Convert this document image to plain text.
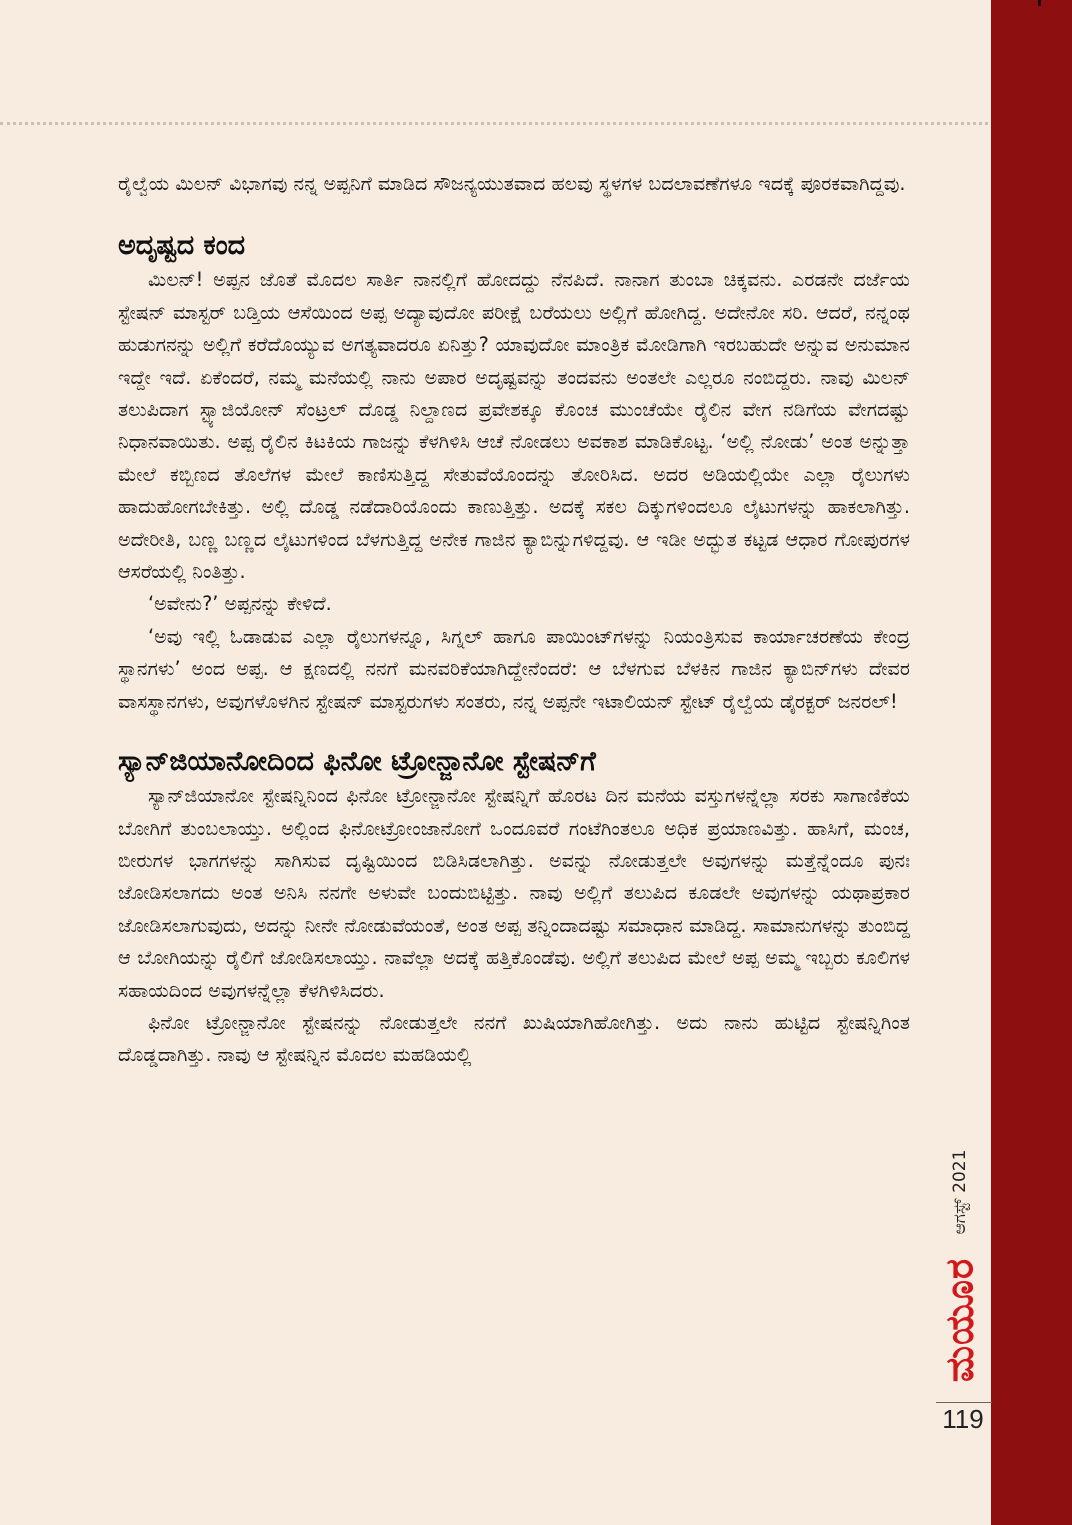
ರೈಲ್ವೆಯ ಮಿಲನ್ ವಿಭಾಗವು ನನ್ನ ಅಪ್ಪನಿಗೆ ಮಾಡಿದ ಸೌಜನ್ಯಯುತವಾದ ಹಲವು ಸ್ಥಳಗಳ ಬದಲಾವಣೆಗಳೂ ಇದಕ್ಕೆ ಪೂರಕವಾಗಿದ್ದವು.

ಅದೃಷ್ಟದ ಕಂದ

ಮಿಲನ್! ಅಪ್ಪನ ಜೊತೆ ಮೊದಲ ಸಾರ್ತಿ ನಾನಲ್ಲಿಗೆ ಹೋದದ್ದು ನೆನಪಿದೆ. ನಾನಾಗ ತುಂಬಾ ಚಿಕ್ಕವನು. ಎರಡನೇ ದರ್ಜೆಯ ಸ್ಟೇಷನ್ ಮಾಸ್ಟರ್ ಬಡ್ತಿಯ ಆಸೆಯಿಂದ ಅಪ್ಪ ಅದ್ಯಾವುದೋ ಪರೀಕ್ಷೆ ಬರೆಯಲು ಅಲ್ಲಿಗೆ ಹೋಗಿದ್ದ. ಅದೇನೋ ಸರಿ. ಆದರೆ, ನನ್ನಂಥ ಹುಡುಗನನ್ನು ಅಲ್ಲಿಗೆ ಕರೆದೊಯ್ಯುವ ಅಗತ್ಯವಾದರೂ ಏನಿತ್ತು? ಯಾವುದೋ ಮಾಂತ್ರಿಕ ಮೋಡಿಗಾಗಿ ಇರಬಹುದೇ ಅನ್ನುವ ಅನುಮಾನ ಇದ್ದೇ ಇದೆ. ಏಕೆಂದರೆ, ನಮ್ಮ ಮನೆಯಲ್ಲಿ ನಾನು ಅಪಾರ ಅದೃಷ್ಟವನ್ನು ತಂದವನು ಅಂತಲೇ ಎಲ್ಲರೂ ನಂಬಿದ್ದರು. ನಾವು ಮಿಲನ್ ತಲುಪಿದಾಗ ಸ್ಟ್ಯಾಜಿಯೋನ್ ಸೆಂಟ್ರಲ್ ದೊಡ್ಡ ನಿಲ್ದಾಣದ ಪ್ರವೇಶಕ್ಕೂ ಕೊಂಚ ಮುಂಚೆಯೇ ರೈಲಿನ ವೇಗ ನಡಿಗೆಯ ವೇಗದಷ್ಟು ನಿಧಾನವಾಯಿತು. ಅಪ್ಪ ರೈಲಿನ ಕಿಟಕಿಯ ಗಾಜನ್ನು ಕೆಳಗಿಳಿಸಿ ಆಚೆ ನೋಡಲು ಅವಕಾಶ ಮಾಡಿಕೊಟ್ಟ. ‘ಅಲ್ಲಿ ನೋಡು’ ಅಂತ ಅನ್ನುತ್ತಾ ಮೇಲೆ ಕಬ್ಬಿಣದ ತೊಲೆಗಳ ಮೇಲೆ ಕಾಣಿಸುತ್ತಿದ್ದ ಸೇತುವೆಯೊಂದನ್ನು ತೋರಿಸಿದ. ಅದರ ಅಡಿಯಲ್ಲಿಯೇ ಎಲ್ಲಾ ರೈಲುಗಳು ಹಾದುಹೋಗಬೇಕಿತ್ತು. ಅಲ್ಲಿ ದೊಡ್ಡ ನಡೆದಾರಿಯೊಂದು ಕಾಣುತ್ತಿತ್ತು. ಅದಕ್ಕೆ ಸಕಲ ದಿಕ್ಕುಗಳಿಂದಲೂ ಲೈಟುಗಳನ್ನು ಹಾಕಲಾಗಿತ್ತು. ಅದೇರೀತಿ, ಬಣ್ಣ ಬಣ್ಣದ ಲೈಟುಗಳಿಂದ ಬೆಳಗುತ್ತಿದ್ದ ಅನೇಕ ಗಾಜಿನ ಕ್ಯಾಬಿನ್ನುಗಳಿದ್ದವು. ಆ ಇಡೀ ಅದ್ಭುತ ಕಟ್ಟಡ ಆಧಾರ ಗೋಪುರಗಳ ಆಸರೆಯಲ್ಲಿ ನಿಂತಿತ್ತು.

‘ಅವೇನು?’ ಅಪ್ಪನನ್ನು ಕೇಳಿದೆ.

‘ಅವು ಇಲ್ಲಿ ಓಡಾಡುವ ಎಲ್ಲಾ ರೈಲುಗಳನ್ನೂ, ಸಿಗ್ನಲ್ ಹಾಗೂ ಪಾಯಿಂಟ್‌ಗಳನ್ನು ನಿಯಂತ್ರಿಸುವ ಕಾರ್ಯಾಚರಣೆಯ ಕೇಂದ್ರ ಸ್ಥಾನಗಳು’ ಅಂದ ಅಪ್ಪ. ಆ ಕ್ಷಣದಲ್ಲಿ ನನಗೆ ಮನವರಿಕೆಯಾಗಿದ್ದೇನೆಂದರೆ: ಆ ಬೆಳಗುವ ಬೆಳಕಿನ ಗಾಜಿನ ಕ್ಯಾಬಿನ್‌ಗಳು ದೇವರ ವಾಸಸ್ಥಾನಗಳು, ಅವುಗಳೊಳಗಿನ ಸ್ಟೇಷನ್ ಮಾಸ್ಟರುಗಳು ಸಂತರು, ನನ್ನ ಅಪ್ಪನೇ ಇಟಾಲಿಯನ್ ಸ್ಟೇಟ್ ರೈಲ್ವೆಯ ಡೈರಕ್ಟರ್ ಜನರಲ್!

ಸ್ಯಾನ್‌ಜಿಯಾನೋದಿಂದ ಫಿನೋ ಟ್ರೋನ್ಜಾನೋ ಸ್ಟೇಷನ್‌ಗೆ

ಸ್ಯಾನ್‌ಜಿಯಾನೋ ಸ್ಟೇಷನ್ನಿನಿಂದ ಫಿನೋ ಟ್ರೋನ್ಜಾನೋ ಸ್ಟೇಷನ್ನಿಗೆ ಹೊರಟ ದಿನ ಮನೆಯ ವಸ್ತುಗಳನ್ನೆಲ್ಲಾ ಸರಕು ಸಾಗಾಣಿಕೆಯ ಬೋಗಿಗೆ ತುಂಬಲಾಯ್ತು. ಅಲ್ಲಿಂದ ಫಿನೋಟ್ರೋಂಜಾನೋಗೆ ಒಂದೂವರೆ ಗಂಟೆಗಿಂತಲೂ ಅಧಿಕ ಪ್ರಯಾಣವಿತ್ತು. ಹಾಸಿಗೆ, ಮಂಚ, ಬೀರುಗಳ ಭಾಗಗಳನ್ನು ಸಾಗಿಸುವ ದೃಷ್ಟಿಯಿಂದ ಬಿಡಿಸಿಡಲಾಗಿತ್ತು. ಅವನ್ನು ನೋಡುತ್ತಲೇ ಅವುಗಳನ್ನು ಮತ್ತೆನ್ನೆಂದೂ ಪುನಃ ಜೋಡಿಸಲಾಗದು ಅಂತ ಅನಿಸಿ ನನಗೇ ಅಳುವೇ ಬಂದುಬಿಟ್ಟಿತ್ತು. ನಾವು ಅಲ್ಲಿಗೆ ತಲುಪಿದ ಕೂಡಲೇ ಅವುಗಳನ್ನು ಯಥಾಪ್ರಕಾರ ಜೋಡಿಸಲಾಗುವುದು, ಅದನ್ನು ನೀನೇ ನೋಡುವೆಯಂತೆ, ಅಂತ ಅಪ್ಪ ತನ್ನಿಂದಾದಷ್ಟು ಸಮಾಧಾನ ಮಾಡಿದ್ದ. ಸಾಮಾನುಗಳನ್ನು ತುಂಬಿದ್ದ ಆ ಬೋಗಿಯನ್ನು ರೈಲಿಗೆ ಜೋಡಿಸಲಾಯ್ತು. ನಾವೆಲ್ಲಾ ಅದಕ್ಕೆ ಹತ್ತಿಕೊಂಡೆವು. ಅಲ್ಲಿಗೆ ತಲುಪಿದ ಮೇಲೆ ಅಪ್ಪ ಅಮ್ಮ ಇಬ್ಬರು ಕೂಲಿಗಳ ಸಹಾಯದಿಂದ ಅವುಗಳನ್ನೆಲ್ಲಾ ಕೆಳಗಿಳಿಸಿದರು.

ಫಿನೋ ಟ್ರೋನ್ಜಾನೋ ಸ್ಟೇಷನನ್ನು ನೋಡುತ್ತಲೇ ನನಗೆ ಖುಷಿಯಾಗಿಹೋಗಿತ್ತು. ಅದು ನಾನು ಹುಟ್ಟಿದ ಸ್ಟೇಷನ್ನಿಗಿಂತ ದೊಡ್ಡದಾಗಿತ್ತು. ನಾವು ಆ ಸ್ಟೇಷನ್ನಿನ ಮೊದಲ ಮಹಡಿಯಲ್ಲಿ

ಆಗಸ್ಟ್ 2021
ಮಯೂರ
119
